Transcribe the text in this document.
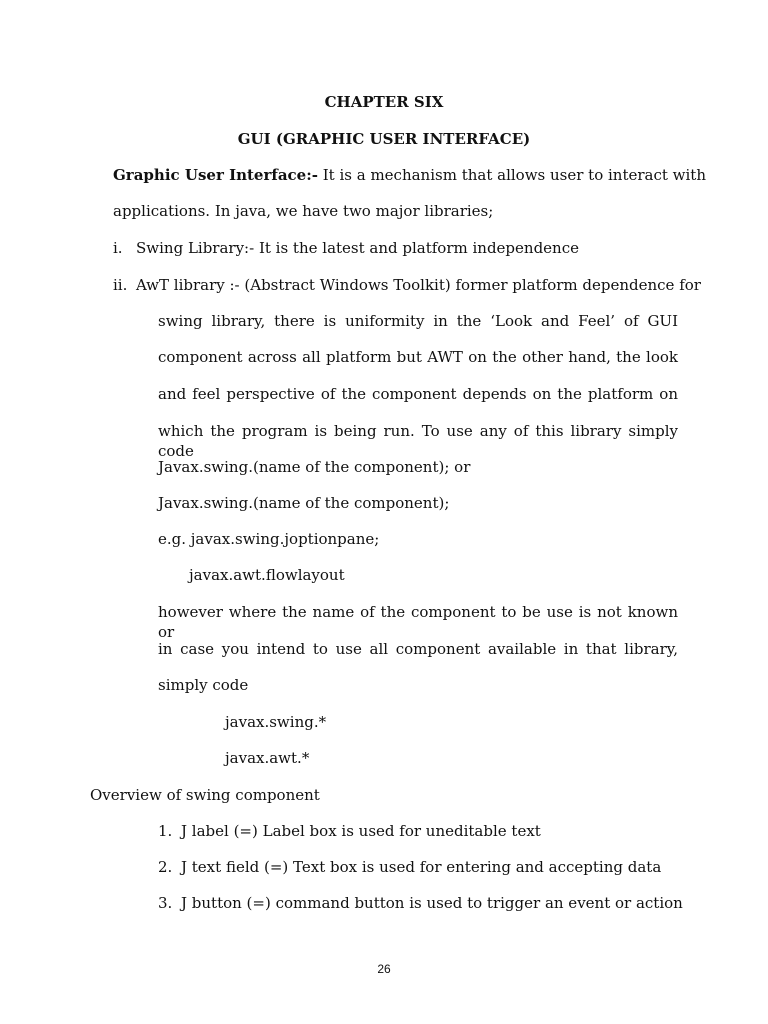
CHAPTER SIX
GUI (GRAPHIC USER INTERFACE)
Graphic User Interface:- It is a mechanism that allows user to interact with
applications. In java, we have two major libraries;
i. Swing Library:- It is the latest and platform independence
ii. AwT library :- (Abstract Windows Toolkit) former platform dependence for
swing library, there is uniformity in the ‘Look and Feel’ of GUI
component across all platform but AWT on the other hand, the look
and feel perspective of the component depends on the platform on
which the program is being run. To use any of this library simply code
Javax.swing.(name of the component); or
Javax.swing.(name of the component);
e.g. javax.swing.joptionpane;
javax.awt.flowlayout
however where the name of the component to be use is not known or
in case you intend to use all component available in that library,
simply code
javax.swing.*
javax.awt.*
Overview of swing component
1. J label (=) Label box is used for uneditable text
2. J text field (=) Text box is used for entering and accepting data
3. J button (=) command button is used to trigger an event or action
26
